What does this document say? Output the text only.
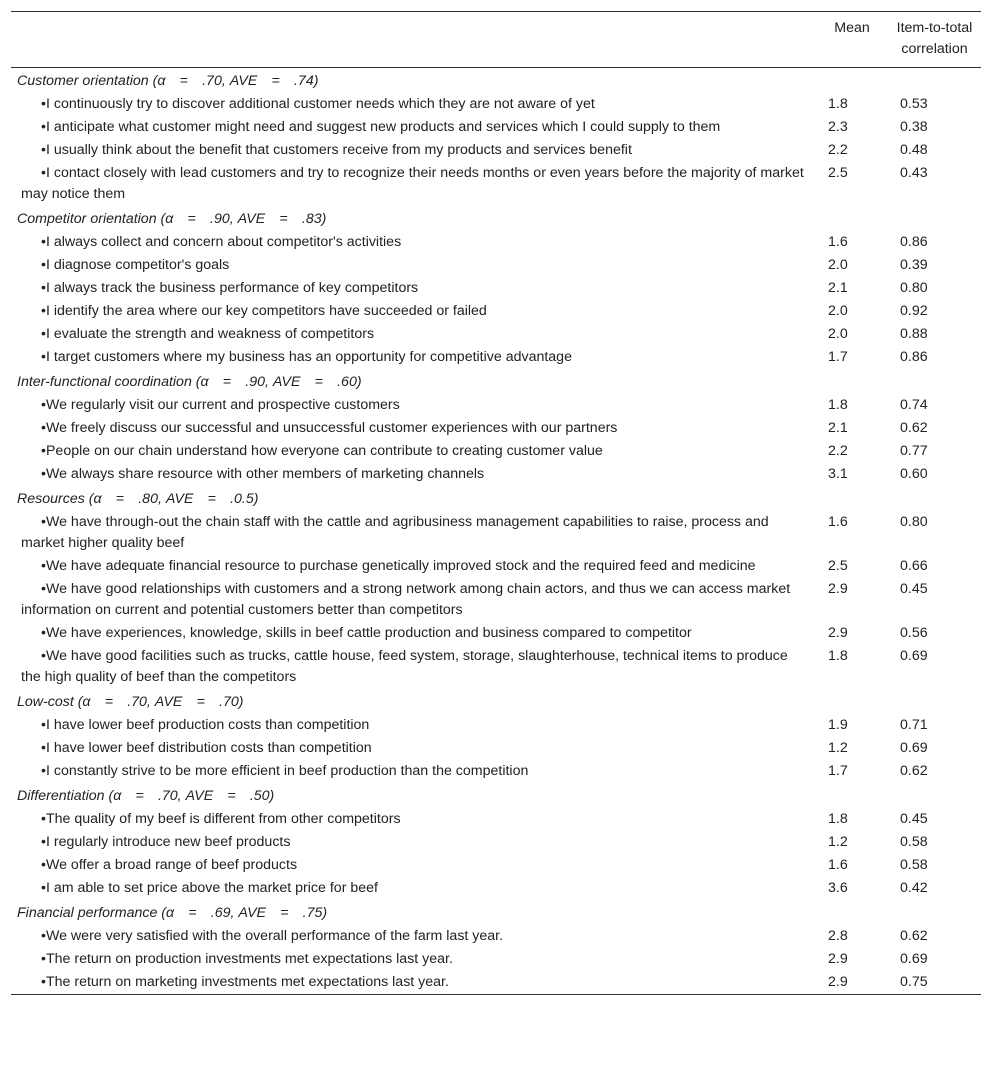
	Mean	Item-to-total correlation
Customer orientation (α = .70, AVE = .74)		
•I continuously try to discover additional customer needs which they are not aware of yet	1.8	0.53
•I anticipate what customer might need and suggest new products and services which I could supply to them	2.3	0.38
•I usually think about the benefit that customers receive from my products and services benefit	2.2	0.48
•I contact closely with lead customers and try to recognize their needs months or even years before the majority of market may notice them	2.5	0.43
Competitor orientation (α = .90, AVE = .83)		
•I always collect and concern about competitor's activities	1.6	0.86
•I diagnose competitor's goals	2.0	0.39
•I always track the business performance of key competitors	2.1	0.80
•I identify the area where our key competitors have succeeded or failed	2.0	0.92
•I evaluate the strength and weakness of competitors	2.0	0.88
•I target customers where my business has an opportunity for competitive advantage	1.7	0.86
Inter-functional coordination (α = .90, AVE = .60)		
•We regularly visit our current and prospective customers	1.8	0.74
•We freely discuss our successful and unsuccessful customer experiences with our partners	2.1	0.62
•People on our chain understand how everyone can contribute to creating customer value	2.2	0.77
•We always share resource with other members of marketing channels	3.1	0.60
Resources (α = .80, AVE = .0.5)		
•We have through-out the chain staff with the cattle and agribusiness management capabilities to raise, process and market higher quality beef	1.6	0.80
•We have adequate financial resource to purchase genetically improved stock and the required feed and medicine	2.5	0.66
•We have good relationships with customers and a strong network among chain actors, and thus we can access market information on current and potential customers better than competitors	2.9	0.45
•We have experiences, knowledge, skills in beef cattle production and business compared to competitor	2.9	0.56
•We have good facilities such as trucks, cattle house, feed system, storage, slaughterhouse, technical items to produce the high quality of beef than the competitors	1.8	0.69
Low-cost (α = .70, AVE = .70)		
•I have lower beef production costs than competition	1.9	0.71
•I have lower beef distribution costs than competition	1.2	0.69
•I constantly strive to be more efficient in beef production than the competition	1.7	0.62
Differentiation (α = .70, AVE = .50)		
•The quality of my beef is different from other competitors	1.8	0.45
•I regularly introduce new beef products	1.2	0.58
•We offer a broad range of beef products	1.6	0.58
•I am able to set price above the market price for beef	3.6	0.42
Financial performance (α = .69, AVE = .75)		
•We were very satisfied with the overall performance of the farm last year.	2.8	0.62
•The return on production investments met expectations last year.	2.9	0.69
•The return on marketing investments met expectations last year.	2.9	0.75
